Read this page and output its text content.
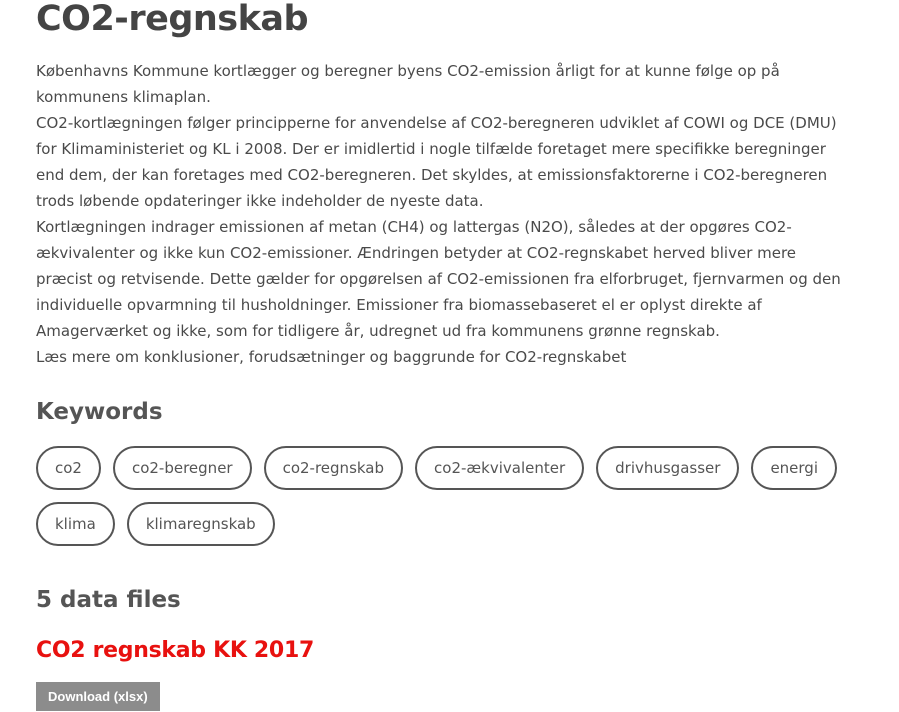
CO2-regnskab

Københavns Kommune kortlægger og beregner byens CO2-emission årligt for at kunne følge op på kommunens klimaplan.

CO2-kortlægningen følger principperne for anvendelse af CO2-beregneren udviklet af COWI og DCE (DMU) for Klimaministeriet og KL i 2008. Der er imidlertid i nogle tilfælde foretaget mere specifikke beregninger end dem, der kan foretages med CO2-beregneren. Det skyldes, at emissionsfaktorerne i CO2-beregneren trods løbende opdateringer ikke indeholder de nyeste data.

Kortlægningen indrager emissionen af metan (CH4) og lattergas (N2O), således at der opgøres CO2-ækvivalenter og ikke kun CO2-emissioner. Ændringen betyder at CO2-regnskabet herved bliver mere præcist og retvisende. Dette gælder for opgørelsen af CO2-emissionen fra elforbruget, fjernvarmen og den individuelle opvarmning til husholdninger. Emissioner fra biomassebaseret el er oplyst direkte af Amagerværket og ikke, som for tidligere år, udregnet ud fra kommunens grønne regnskab.

Læs mere om konklusioner, forudsætninger og baggrunde for CO2-regnskabet

Keywords
co2	co2-beregner	co2-regnskab	co2-ækvivalenter	drivhusgasser	energi
klima	klimaregnskab
5 data files
CO2 regnskab KK 2017
Download (xlsx)
